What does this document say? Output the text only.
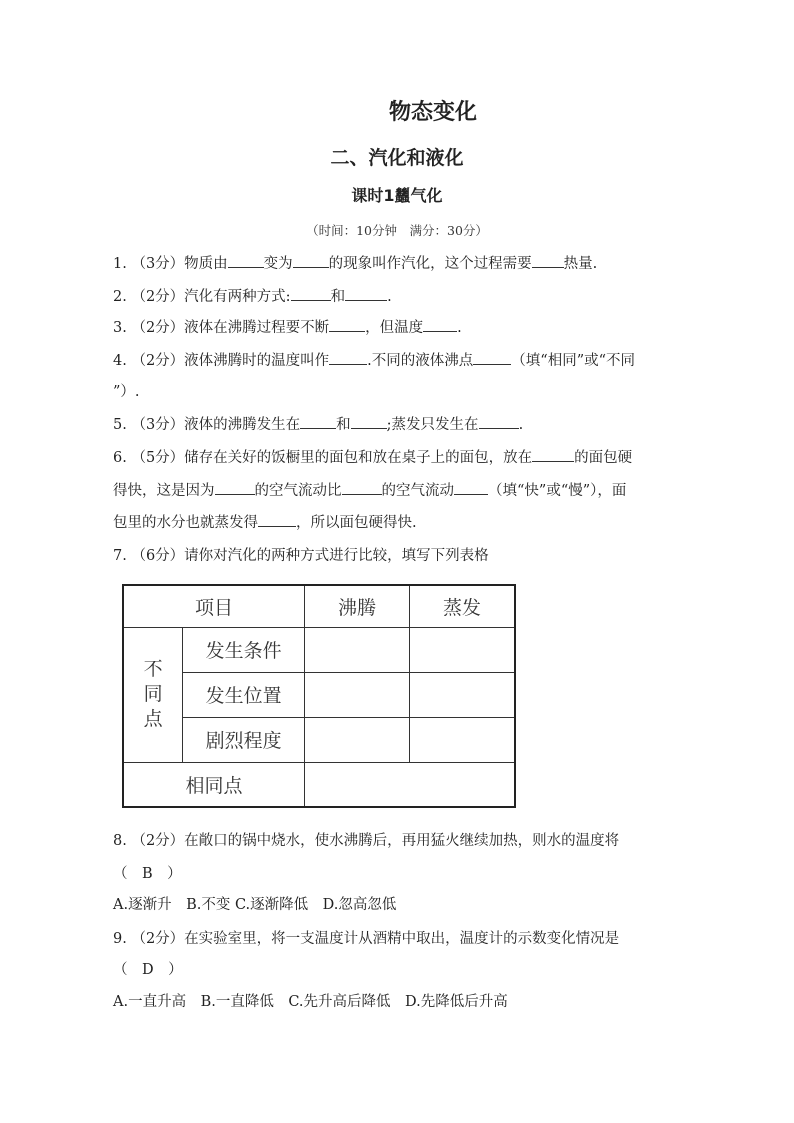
物态变化
二、汽化和液化
课时1蠿气化
（时间：10分钟　满分：30分）
1. （3分）物质由 变为 的现象叫作汽化，这个过程需要 热量.
2. （2分）汽化有两种方式:	和	.
3. （2分）液体在沸腾过程要不断 ，但温度 .
4. （2分）液体沸腾时的温度叫作	.不同的液体沸点	（填“相同”或“不同
”）.
5. （3分）液体的沸腾发生在 和 ;蒸发只发生在	.
6. （5分）储存在关好的饭橱里的面包和放在桌子上的面包，放在	的面包硬
得快，这是因为	的空气流动比	的空气流动 （填“快”或“慢”），面
包里的水分也就蒸发得	，所以面包硬得快.
7. （6分）请你对汽化的两种方式进行比较，填写下列表格
项目		沸腾	蒸发

不同点	发生条件		
	发生位置		
	剧烈程度		
相同点			
8. （2分）在敞口的锅中烧水，使水沸腾后，再用猛火继续加热，则水的温度将
（　B　）
A.逐渐升　B.不变 C.逐渐降低　D.忽高忽低
9. （2分）在实验室里，将一支温度计从酒精中取出，温度计的示数变化情况是
（　D　）
A.一直升高　B.一直降低　C.先升高后降低　D.先降低后升高
